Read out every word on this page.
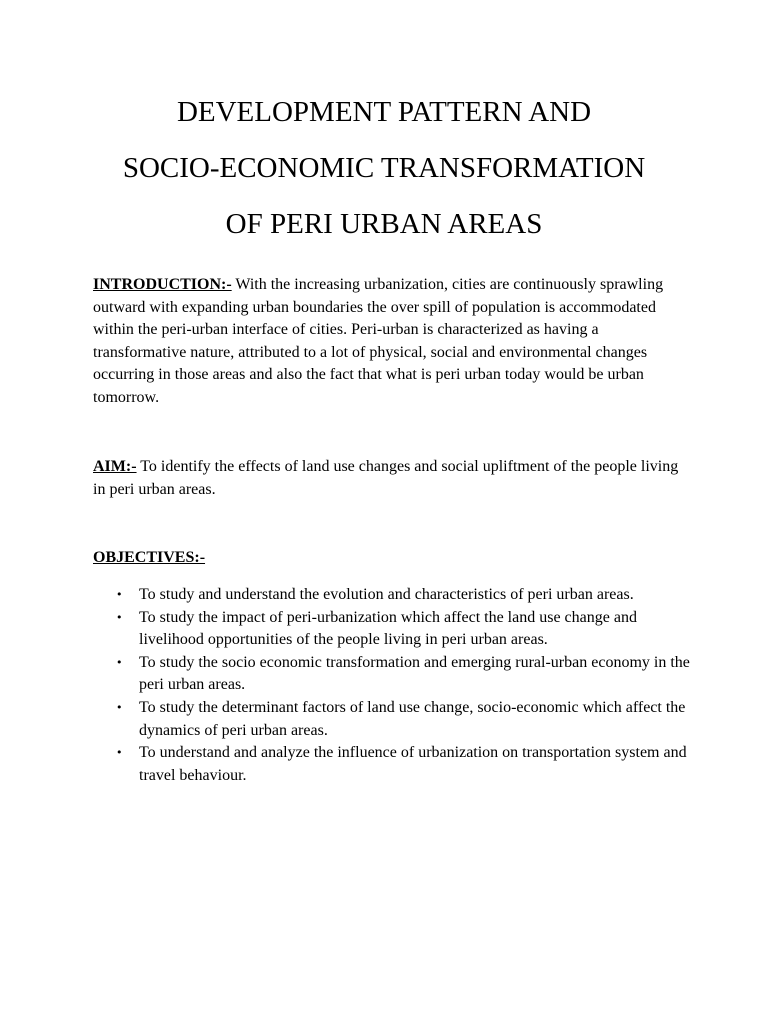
DEVELOPMENT PATTERN AND
SOCIO-ECONOMIC TRANSFORMATION
OF PERI URBAN AREAS

INTRODUCTION:- With the increasing urbanization, cities are continuously sprawling outward with expanding urban boundaries the over spill of population is accommodated within the peri-urban interface of cities. Peri-urban is characterized as having a transformative nature, attributed to a lot of physical, social and environmental changes occurring in those areas and also the fact that what is peri urban today would be urban tomorrow.

AIM:- To identify the effects of land use changes and social upliftment of the people living in peri urban areas.

OBJECTIVES:-

• To study and understand the evolution and characteristics of peri urban areas.
• To study the impact of peri-urbanization which affect the land use change and livelihood opportunities of the people living in peri urban areas.
• To study the socio economic transformation and emerging rural-urban economy in the peri urban areas.
• To study the determinant factors of land use change, socio-economic which affect the dynamics of peri urban areas.
• To understand and analyze the influence of urbanization on transportation system and travel behaviour.
